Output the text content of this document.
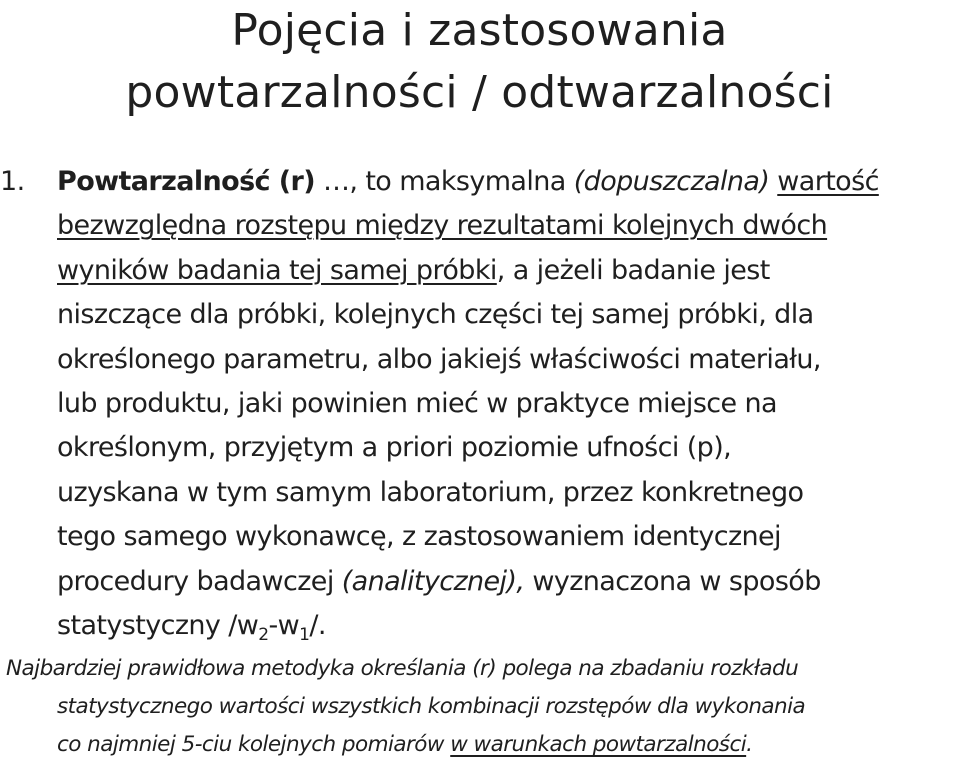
Pojęcia i zastosowania
powtarzalności / odtwarzalności
1. Powtarzalność (r) …, to maksymalna (dopuszczalna) wartość
bezwzględna rozstępu między rezultatami kolejnych dwóch
wyników badania tej samej próbki, a jeżeli badanie jest
niszczące dla próbki, kolejnych części tej samej próbki, dla
określonego parametru, albo jakiejś właściwości materiału,
lub produktu, jaki powinien mieć w praktyce miejsce na
określonym, przyjętym a priori poziomie ufności (p),
uzyskana w tym samym laboratorium, przez konkretnego
tego samego wykonawcę, z zastosowaniem identycznej
procedury badawczej (analitycznej), wyznaczona w sposób
statystyczny $/w_2-w_1/$.
Najbardziej prawidłowa metodyka określania (r) polega na zbadaniu rozkładu
statystycznego wartości wszystkich kombinacji rozstępów dla wykonania
co najmniej 5-ciu kolejnych pomiarów w warunkach powtarzalności.
